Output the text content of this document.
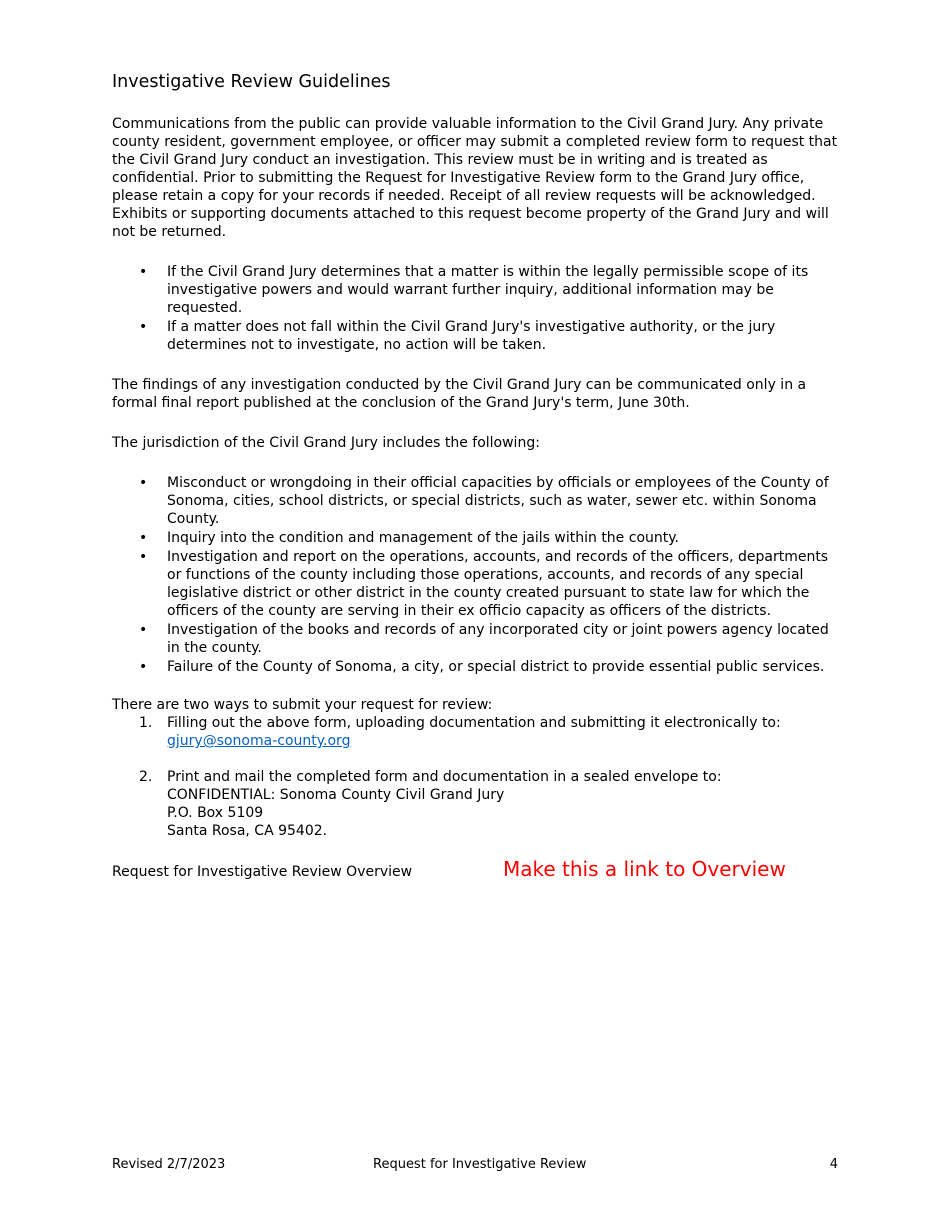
Investigative Review Guidelines

Communications from the public can provide valuable information to the Civil Grand Jury. Any private county resident, government employee, or officer may submit a completed review form to request that the Civil Grand Jury conduct an investigation. This review must be in writing and is treated as confidential. Prior to submitting the Request for Investigative Review form to the Grand Jury office, please retain a copy for your records if needed. Receipt of all review requests will be acknowledged. Exhibits or supporting documents attached to this request become property of the Grand Jury and will not be returned.

• If the Civil Grand Jury determines that a matter is within the legally permissible scope of its investigative powers and would warrant further inquiry, additional information may be requested.
• If a matter does not fall within the Civil Grand Jury's investigative authority, or the jury determines not to investigate, no action will be taken.

The findings of any investigation conducted by the Civil Grand Jury can be communicated only in a formal final report published at the conclusion of the Grand Jury's term, June 30th.

The jurisdiction of the Civil Grand Jury includes the following:

• Misconduct or wrongdoing in their official capacities by officials or employees of the County of Sonoma, cities, school districts, or special districts, such as water, sewer etc. within Sonoma County.
• Inquiry into the condition and management of the jails within the county.
• Investigation and report on the operations, accounts, and records of the officers, departments or functions of the county including those operations, accounts, and records of any special legislative district or other district in the county created pursuant to state law for which the officers of the county are serving in their ex officio capacity as officers of the districts.
• Investigation of the books and records of any incorporated city or joint powers agency located in the county.
• Failure of the County of Sonoma, a city, or special district to provide essential public services.
There are two ways to submit your request for review:
1. Filling out the above form, uploading documentation and submitting it electronically to:
gjury@sonoma-county.org
2. Print and mail the completed form and documentation in a sealed envelope to:
CONFIDENTIAL: Sonoma County Civil Grand Jury
P.O. Box 5109
Santa Rosa, CA 95402.
Request for Investigative Review Overview	Make this a link to Overview
Revised 2/7/2023	Request for Investigative Review	4
